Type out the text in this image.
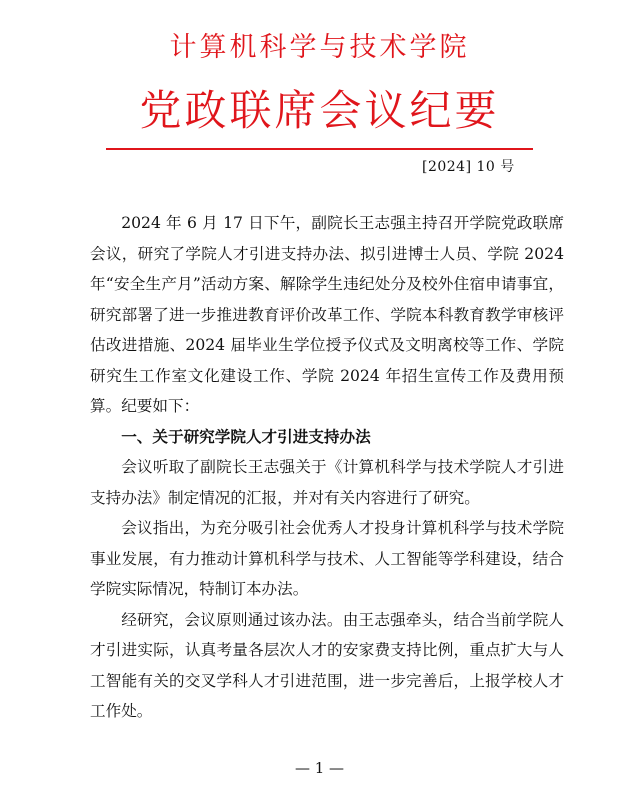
计算机科学与技术学院
党政联席会议纪要
[2024] 10 号

2024 年 6 月 17 日下午，副院长王志强主持召开学院党政联席会议，研究了学院人才引进支持办法、拟引进博士人员、学院 2024 年“安全生产月”活动方案、解除学生违纪处分及校外住宿申请事宜，研究部署了进一步推进教育评价改革工作、学院本科教育教学审核评估改进措施、2024 届毕业生学位授予仪式及文明离校等工作、学院研究生工作室文化建设工作、学院 2024 年招生宣传工作及费用预算。纪要如下：

一、关于研究学院人才引进支持办法

会议听取了副院长王志强关于《计算机科学与技术学院人才引进支持办法》制定情况的汇报，并对有关内容进行了研究。

会议指出，为充分吸引社会优秀人才投身计算机科学与技术学院事业发展，有力推动计算机科学与技术、人工智能等学科建设，结合学院实际情况，特制订本办法。

经研究，会议原则通过该办法。由王志强牵头，结合当前学院人才引进实际，认真考量各层次人才的安家费支持比例，重点扩大与人工智能有关的交叉学科人才引进范围，进一步完善后，上报学校人才工作处。

— 1 —
